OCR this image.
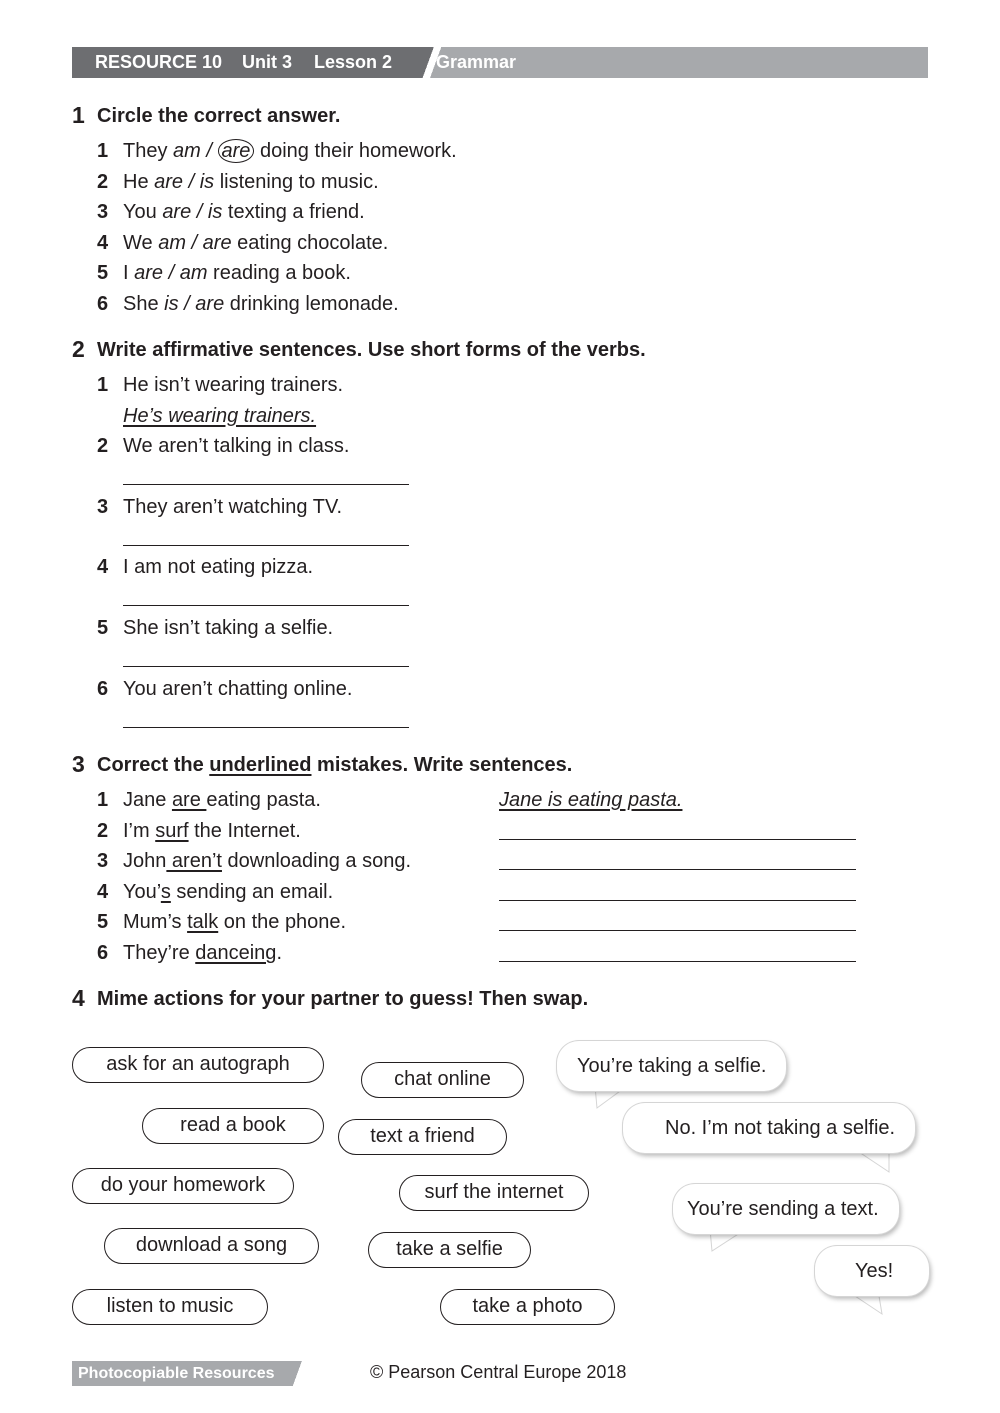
RESOURCE 10 Unit 3 Lesson 2 Grammar
1 Circle the correct answer.
1 They am / are doing their homework.
2 He are / is listening to music.
3 You are / is texting a friend.
4 We am / are eating chocolate.
5 I are / am reading a book.
6 She is / are drinking lemonade.
2 Write affirmative sentences. Use short forms of the verbs.
1 He isn’t wearing trainers.
He’s wearing trainers.
2 We aren’t talking in class.
3 They aren’t watching TV.
4 I am not eating pizza.
5 She isn’t taking a selfie.
6 You aren’t chatting online.
3 Correct the underlined mistakes. Write sentences.
1 Jane are eating pasta.	Jane is eating pasta.
2 I’m surf the Internet.
3 John aren’t downloading a song.
4 You’s sending an email.
5 Mum’s talk on the phone.
6 They’re danceing.
4 Mime actions for your partner to guess! Then swap.
ask for an autograph
chat online
read a book	text a friend
do your homework	surf the internet
download a song	take a selfie
listen to music	take a photo
You’re taking a selfie.
No. I’m not taking a selfie.
You’re sending a text.
Yes!
Photocopiable Resources	© Pearson Central Europe 2018
